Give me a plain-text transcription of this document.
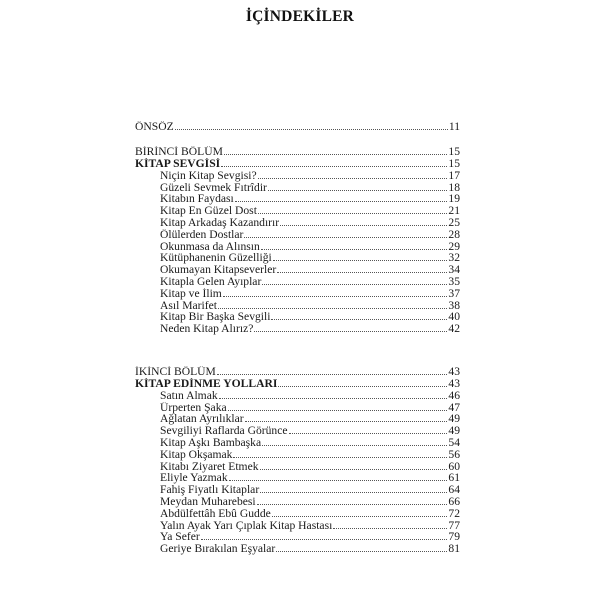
İÇİNDEKİLER
ÖNSÖZ	11
BİRİNCİ BÖLÜM	15
KİTAP SEVGİSİ	15
Niçin Kitap Sevgisi?	17
Güzeli Sevmek Fıtrîdir	18
Kitabın Faydası	19
Kitap En Güzel Dost	21
Kitap Arkadaş Kazandırır	25
Ölülerden Dostlar	28
Okunmasa da Alınsın	29
Kütüphanenin Güzelliği	32
Okumayan Kitapseverler	34
Kitapla Gelen Ayıplar	35
Kitap ve İlim	37
Asıl Marifet	38
Kitap Bir Başka Sevgili	40
Neden Kitap Alırız?	42
İKİNCİ BÖLÜM	43
KİTAP EDİNME YOLLARI	43
Satın Almak	46
Ürperten Şaka	47
Ağlatan Ayrılıklar	49
Sevgiliyi Raflarda Görünce	49
Kitap Aşkı Bambaşka	54
Kitap Okşamak	56
Kitabı Ziyaret Etmek	60
Eliyle Yazmak	61
Fahiş Fiyatlı Kitaplar	64
Meydan Muharebesi	66
Abdülfettâh Ebû Gudde	72
Yalın Ayak Yarı Çıplak Kitap Hastası	77
Ya Sefer	79
Geriye Bırakılan Eşyalar	81
